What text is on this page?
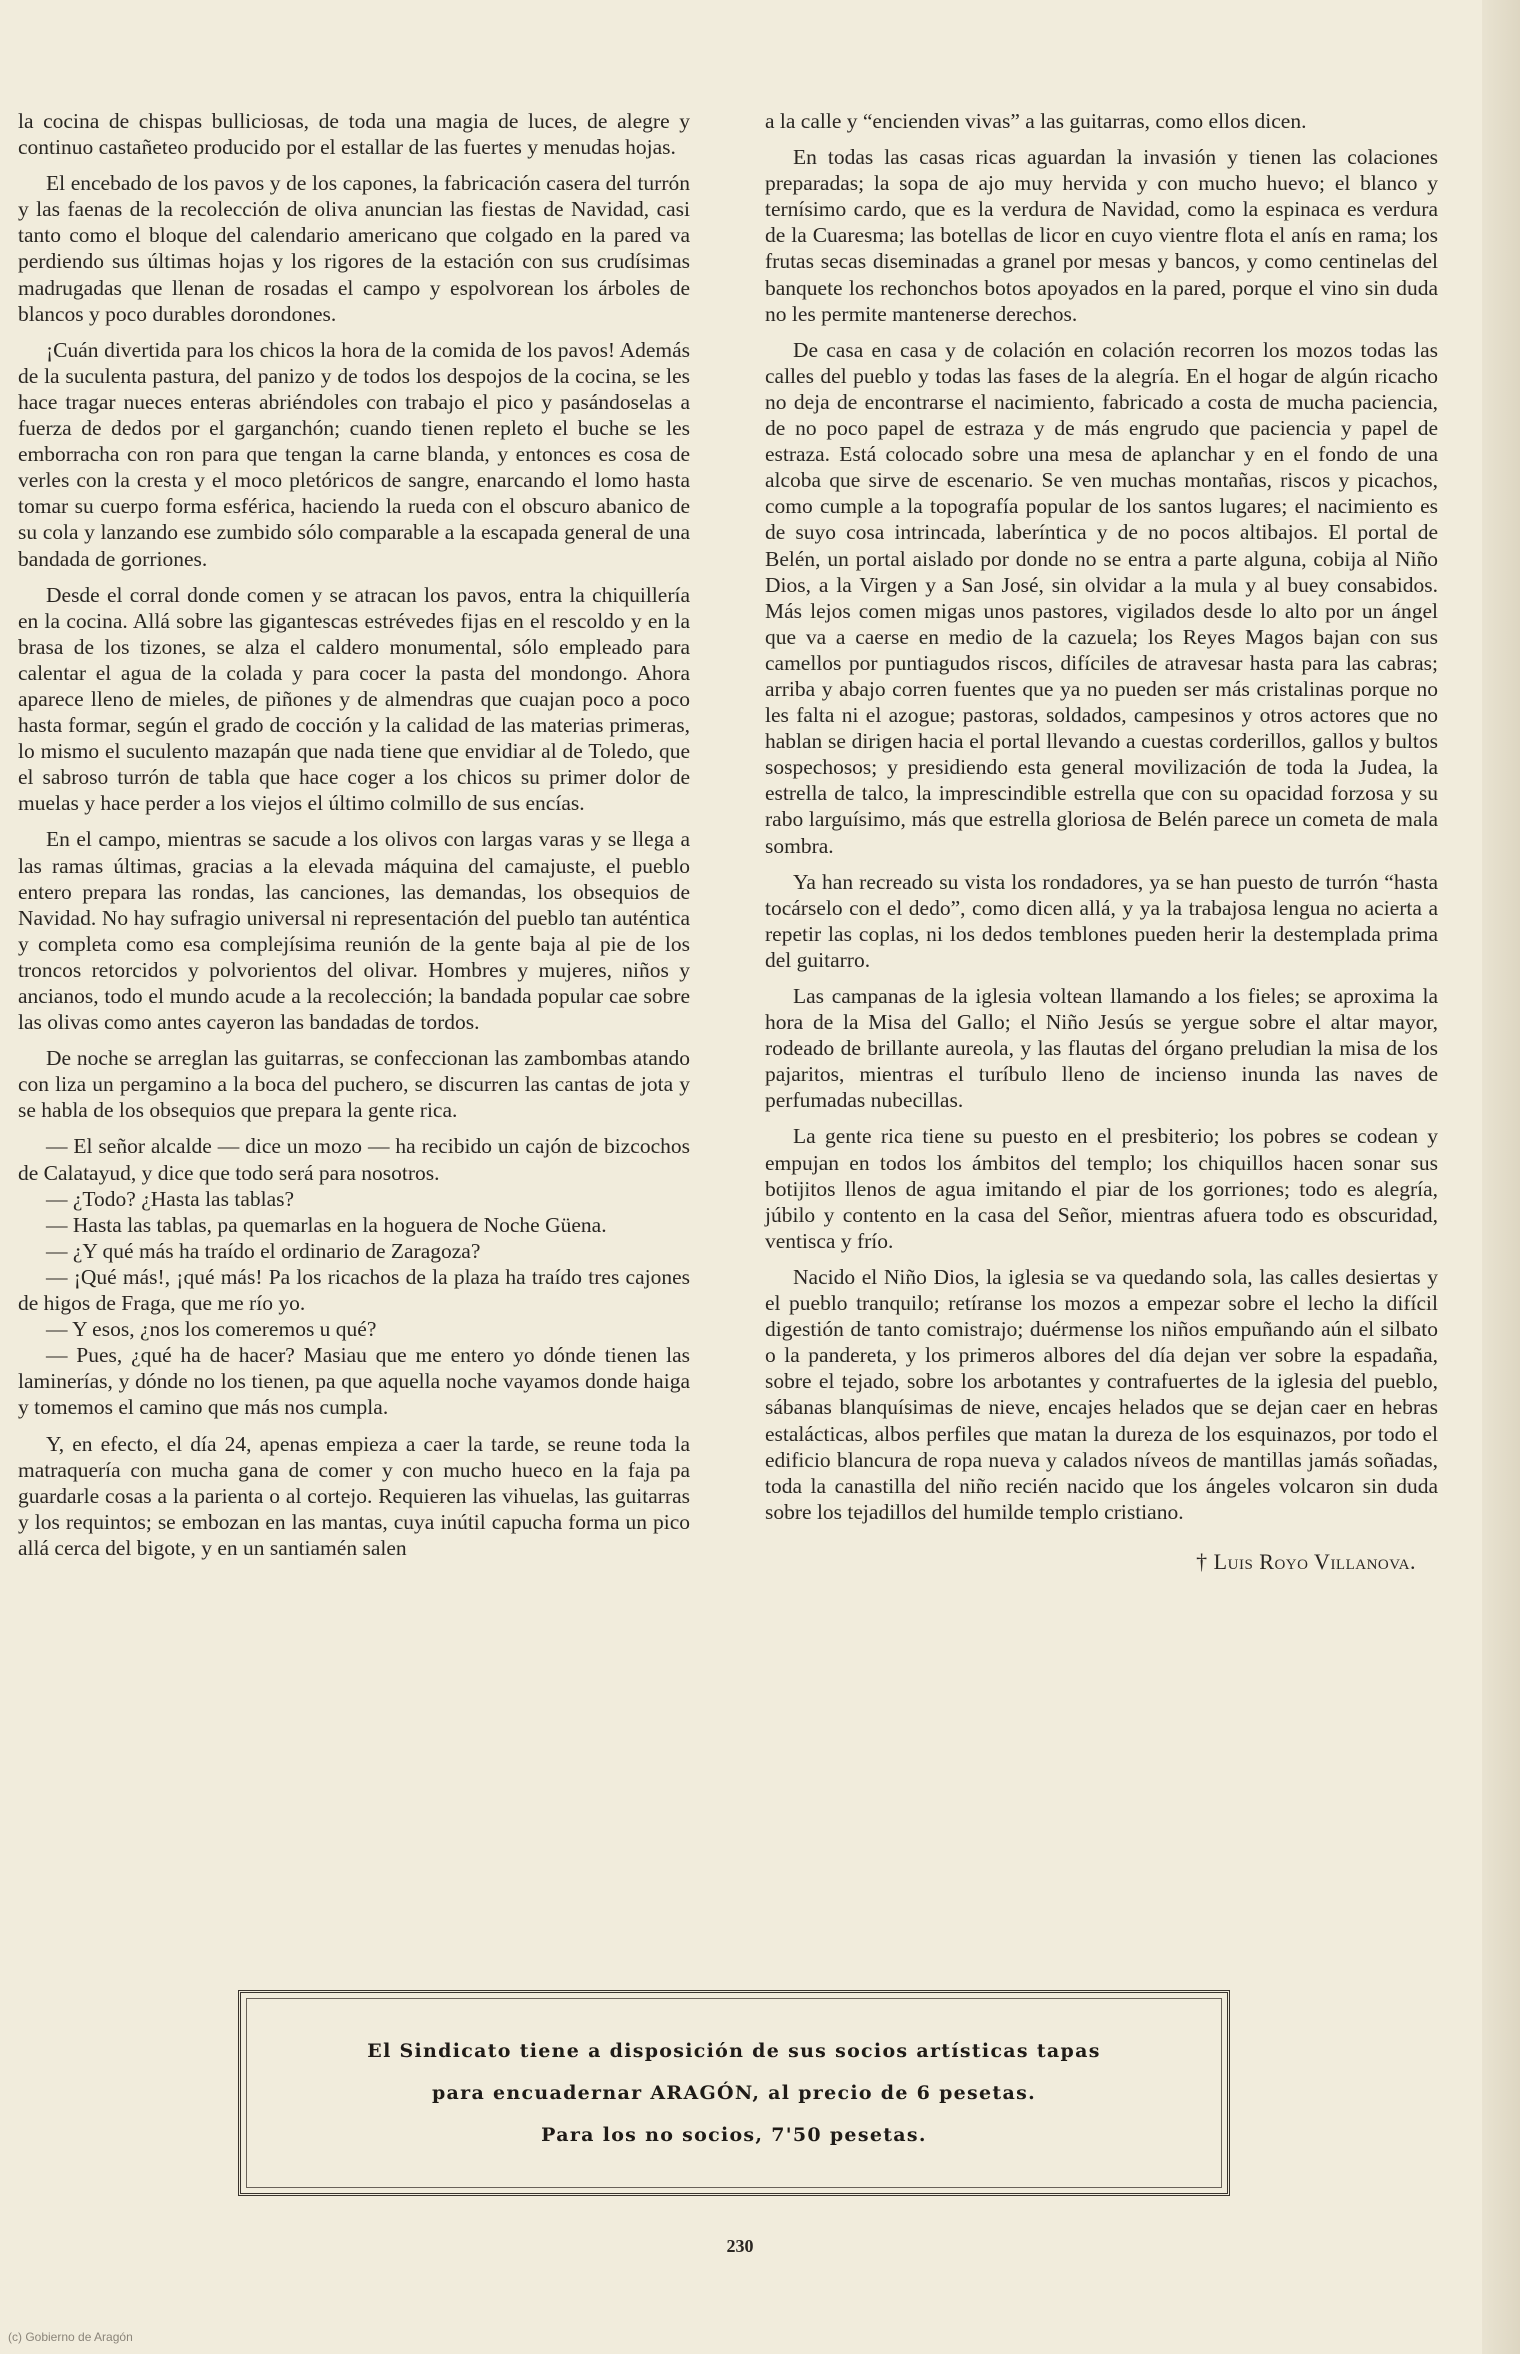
la cocina de chispas bulliciosas, de toda una magia de luces, de alegre y continuo castañeteo producido por el estallar de las fuertes y menudas hojas.

El encebado de los pavos y de los capones, la fabricación casera del turrón y las faenas de la recolección de oliva anuncian las fiestas de Navidad, casi tanto como el bloque del calendario americano que colgado en la pared va perdiendo sus últimas hojas y los rigores de la estación con sus crudísimas madrugadas que llenan de rosadas el campo y espolvorean los árboles de blancos y poco durables dorondones.

¡Cuán divertida para los chicos la hora de la comida de los pavos! Además de la suculenta pastura, del panizo y de todos los despojos de la cocina, se les hace tragar nueces enteras abriéndoles con trabajo el pico y pasándoselas a fuerza de dedos por el garganchón; cuando tienen repleto el buche se les emborracha con ron para que tengan la carne blanda, y entonces es cosa de verles con la cresta y el moco pletóricos de sangre, enarcando el lomo hasta tomar su cuerpo forma esférica, haciendo la rueda con el obscuro abanico de su cola y lanzando ese zumbido sólo comparable a la escapada general de una bandada de gorriones.

Desde el corral donde comen y se atracan los pavos, entra la chiquillería en la cocina. Allá sobre las gigantescas estrévedes fijas en el rescoldo y en la brasa de los tizones, se alza el caldero monumental, sólo empleado para calentar el agua de la colada y para cocer la pasta del mondongo. Ahora aparece lleno de mieles, de piñones y de almendras que cuajan poco a poco hasta formar, según el grado de cocción y la calidad de las materias primeras, lo mismo el suculento mazapán que nada tiene que envidiar al de Toledo, que el sabroso turrón de tabla que hace coger a los chicos su primer dolor de muelas y hace perder a los viejos el último colmillo de sus encías.

En el campo, mientras se sacude a los olivos con largas varas y se llega a las ramas últimas, gracias a la elevada máquina del camajuste, el pueblo entero prepara las rondas, las canciones, las demandas, los obsequios de Navidad. No hay sufragio universal ni representación del pueblo tan auténtica y completa como esa complejísima reunión de la gente baja al pie de los troncos retorcidos y polvorientos del olivar. Hombres y mujeres, niños y ancianos, todo el mundo acude a la recolección; la bandada popular cae sobre las olivas como antes cayeron las bandadas de tordos.

De noche se arreglan las guitarras, se confeccionan las zambombas atando con liza un pergamino a la boca del puchero, se discurren las cantas de jota y se habla de los obsequios que prepara la gente rica.

— El señor alcalde — dice un mozo — ha recibido un cajón de bizcochos de Calatayud, y dice que todo será para nosotros.

— ¿Todo? ¿Hasta las tablas?

— Hasta las tablas, pa quemarlas en la hoguera de Noche Güena.

— ¿Y qué más ha traído el ordinario de Zaragoza?

— ¡Qué más!, ¡qué más! Pa los ricachos de la plaza ha traído tres cajones de higos de Fraga, que me río yo.

— Y esos, ¿nos los comeremos u qué?

— Pues, ¿qué ha de hacer? Masiau que me entero yo dónde tienen las laminerías, y dónde no los tienen, pa que aquella noche vayamos donde haiga y tomemos el camino que más nos cumpla.

Y, en efecto, el día 24, apenas empieza a caer la tarde, se reune toda la matraquería con mucha gana de comer y con mucho hueco en la faja pa guardarle cosas a la parienta o al cortejo. Requieren las vihuelas, las guitarras y los requintos; se embozan en las mantas, cuya inútil capucha forma un pico allá cerca del bigote, y en un santiamén salen

a la calle y “encienden vivas” a las guitarras, como ellos dicen.

En todas las casas ricas aguardan la invasión y tienen las colaciones preparadas; la sopa de ajo muy hervida y con mucho huevo; el blanco y ternísimo cardo, que es la verdura de Navidad, como la espinaca es verdura de la Cuaresma; las botellas de licor en cuyo vientre flota el anís en rama; los frutas secas diseminadas a granel por mesas y bancos, y como centinelas del banquete los rechonchos botos apoyados en la pared, porque el vino sin duda no les permite mantenerse derechos.

De casa en casa y de colación en colación recorren los mozos todas las calles del pueblo y todas las fases de la alegría. En el hogar de algún ricacho no deja de encontrarse el nacimiento, fabricado a costa de mucha paciencia, de no poco papel de estraza y de más engrudo que paciencia y papel de estraza. Está colocado sobre una mesa de aplanchar y en el fondo de una alcoba que sirve de escenario. Se ven muchas montañas, riscos y picachos, como cumple a la topografía popular de los santos lugares; el nacimiento es de suyo cosa intrincada, laberíntica y de no pocos altibajos. El portal de Belén, un portal aislado por donde no se entra a parte alguna, cobija al Niño Dios, a la Virgen y a San José, sin olvidar a la mula y al buey consabidos. Más lejos comen migas unos pastores, vigilados desde lo alto por un ángel que va a caerse en medio de la cazuela; los Reyes Magos bajan con sus camellos por puntiagudos riscos, difíciles de atravesar hasta para las cabras; arriba y abajo corren fuentes que ya no pueden ser más cristalinas porque no les falta ni el azogue; pastoras, soldados, campesinos y otros actores que no hablan se dirigen hacia el portal llevando a cuestas corderillos, gallos y bultos sospechosos; y presidiendo esta general movilización de toda la Judea, la estrella de talco, la imprescindible estrella que con su opacidad forzosa y su rabo larguísimo, más que estrella gloriosa de Belén parece un cometa de mala sombra.

Ya han recreado su vista los rondadores, ya se han puesto de turrón “hasta tocárselo con el dedo”, como dicen allá, y ya la trabajosa lengua no acierta a repetir las coplas, ni los dedos temblones pueden herir la destemplada prima del guitarro.

Las campanas de la iglesia voltean llamando a los fieles; se aproxima la hora de la Misa del Gallo; el Niño Jesús se yergue sobre el altar mayor, rodeado de brillante aureola, y las flautas del órgano preludian la misa de los pajaritos, mientras el turíbulo lleno de incienso inunda las naves de perfumadas nubecillas.

La gente rica tiene su puesto en el presbiterio; los pobres se codean y empujan en todos los ámbitos del templo; los chiquillos hacen sonar sus botijitos llenos de agua imitando el piar de los gorriones; todo es alegría, júbilo y contento en la casa del Señor, mientras afuera todo es obscuridad, ventisca y frío.

Nacido el Niño Dios, la iglesia se va quedando sola, las calles desiertas y el pueblo tranquilo; retíranse los mozos a empezar sobre el lecho la difícil digestión de tanto comistrajo; duérmense los niños empuñando aún el silbato o la pandereta, y los primeros albores del día dejan ver sobre la espadaña, sobre el tejado, sobre los arbotantes y contrafuertes de la iglesia del pueblo, sábanas blanquísimas de nieve, encajes helados que se dejan caer en hebras estalácticas, albos perfiles que matan la dureza de los esquinazos, por todo el edificio blancura de ropa nueva y calados níveos de mantillas jamás soñadas, toda la canastilla del niño recién nacido que los ángeles volcaron sin duda sobre los tejadillos del humilde templo cristiano.

† Luis Royo Villanova.
El Sindicato tiene a disposición de sus socios artísticas tapas
para encuadernar ARAGÓN, al precio de 6 pesetas.
Para los no socios, 7'50 pesetas.
230
(c) Gobierno de Aragón
